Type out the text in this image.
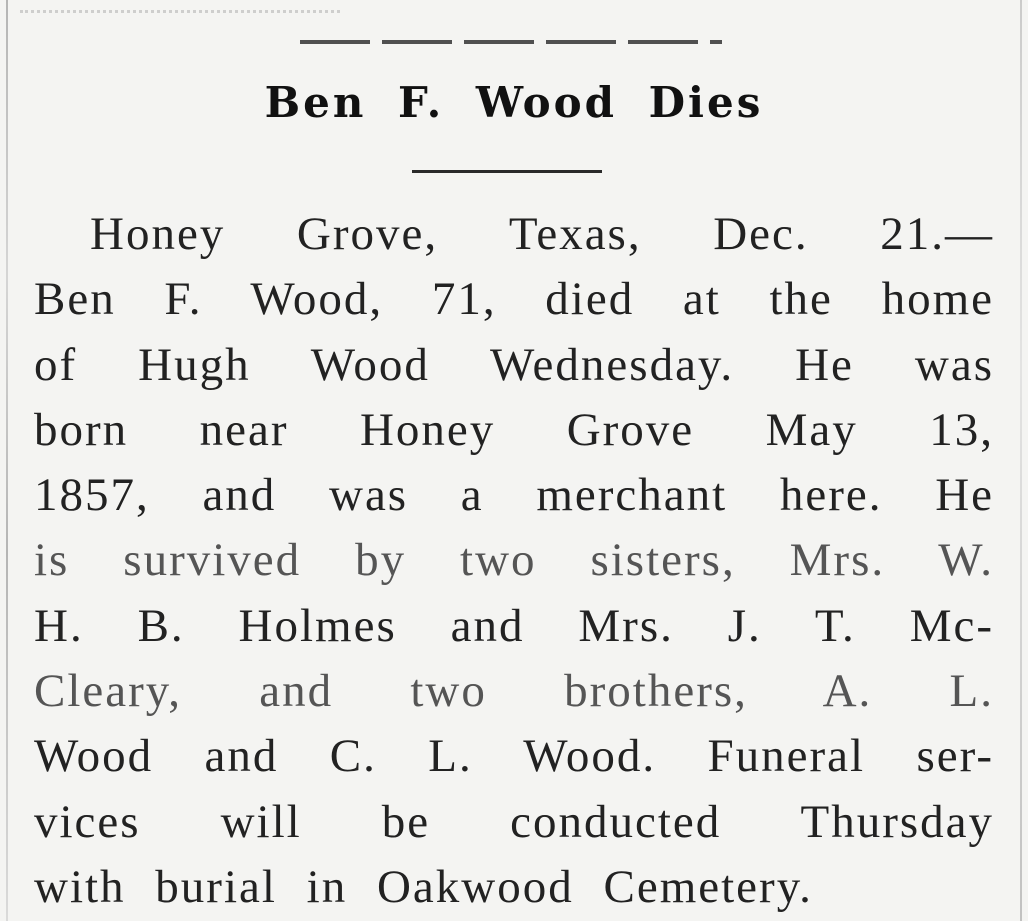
Ben F. Wood Dies
Honey Grove, Texas, Dec. 21.—
Ben F. Wood, 71, died at the home
of Hugh Wood Wednesday. He was
born near Honey Grove May 13,
1857, and was a merchant here. He
is survived by two sisters, Mrs. W.
H. B. Holmes and Mrs. J. T. Mc-
Cleary, and two brothers, A. L.
Wood and C. L. Wood. Funeral ser-
vices will be conducted Thursday
with burial in Oakwood Cemetery.
